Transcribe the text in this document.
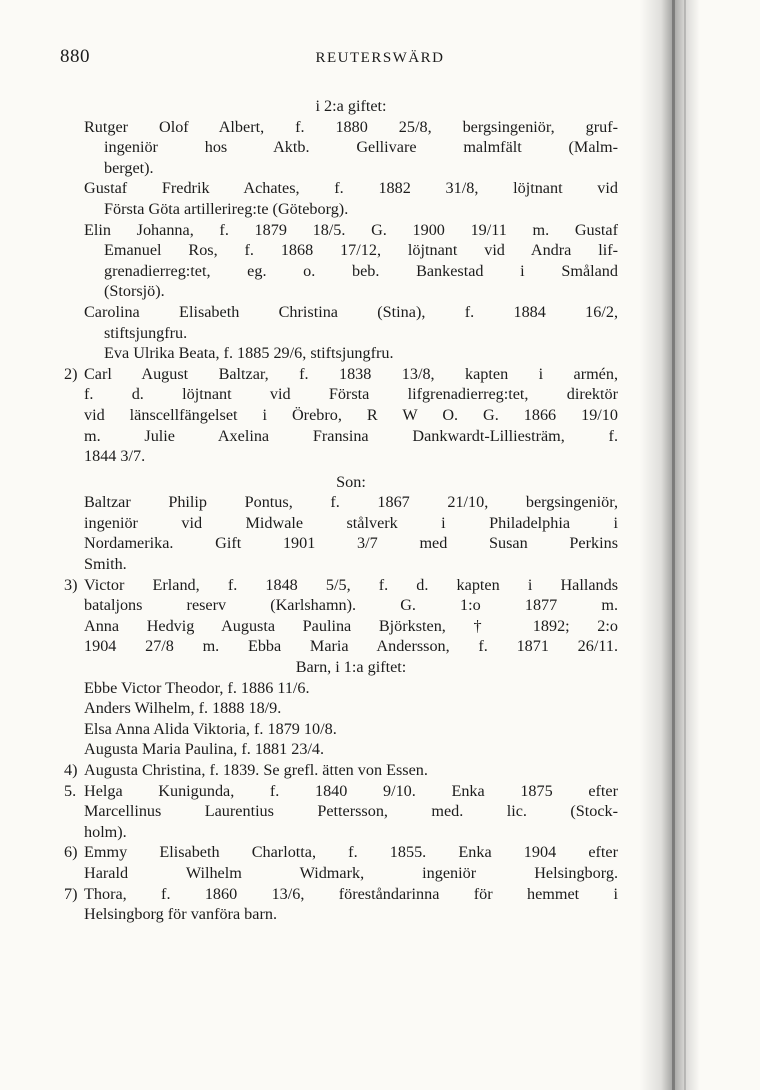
880	REUTERSWÄRD
i 2:a giftet:
Rutger Olof Albert, f. 1880 25/8, bergsingeniör, gruf-
ingeniör hos Aktb. Gellivare malmfält (Malm-
berget).
Gustaf Fredrik Achates, f. 1882 31/8, löjtnant vid
Första Göta artillerireg:te (Göteborg).
Elin Johanna, f. 1879 18/5. G. 1900 19/11 m. Gustaf
Emanuel Ros, f. 1868 17/12, löjtnant vid Andra lif-
grenadierreg:tet, eg. o. beb. Bankestad i Småland
(Storsjö).
Carolina Elisabeth Christina (Stina), f. 1884 16/2,
stiftsjungfru.
Eva Ulrika Beata, f. 1885 29/6, stiftsjungfru.
2) Carl August Baltzar, f. 1838 13/8, kapten i armén,
f. d. löjtnant vid Första lifgrenadierreg:tet, direktör
vid länscellfängelset i Örebro, R W O. G. 1866 19/10
m. Julie Axelina Fransina Dankwardt-Lilliesträm, f.
1844 3/7.
Son:
Baltzar Philip Pontus, f. 1867 21/10, bergsingeniör,
ingeniör vid Midwale stålverk i Philadelphia i
Nordamerika. Gift 1901 3/7 med Susan Perkins
Smith.
3) Victor Erland, f. 1848 5/5, f. d. kapten i Hallands
bataljons reserv (Karlshamn). G. 1:o 1877 m.
Anna Hedvig Augusta Paulina Björksten, † 1892; 2:o
1904 27/8 m. Ebba Maria Andersson, f. 1871 26/11.
Barn, i 1:a giftet:
Ebbe Victor Theodor, f. 1886 11/6.
Anders Wilhelm, f. 1888 18/9.
Elsa Anna Alida Viktoria, f. 1879 10/8.
Augusta Maria Paulina, f. 1881 23/4.
4) Augusta Christina, f. 1839. Se grefl. ätten von Essen.
5. Helga Kunigunda, f. 1840 9/10. Enka 1875 efter
Marcellinus Laurentius Pettersson, med. lic. (Stock-
holm).
6) Emmy Elisabeth Charlotta, f. 1855. Enka 1904 efter
Harald Wilhelm Widmark, ingeniör Helsingborg.
7) Thora, f. 1860 13/6, föreståndarinna för hemmet i
Helsingborg för vanföra barn.
